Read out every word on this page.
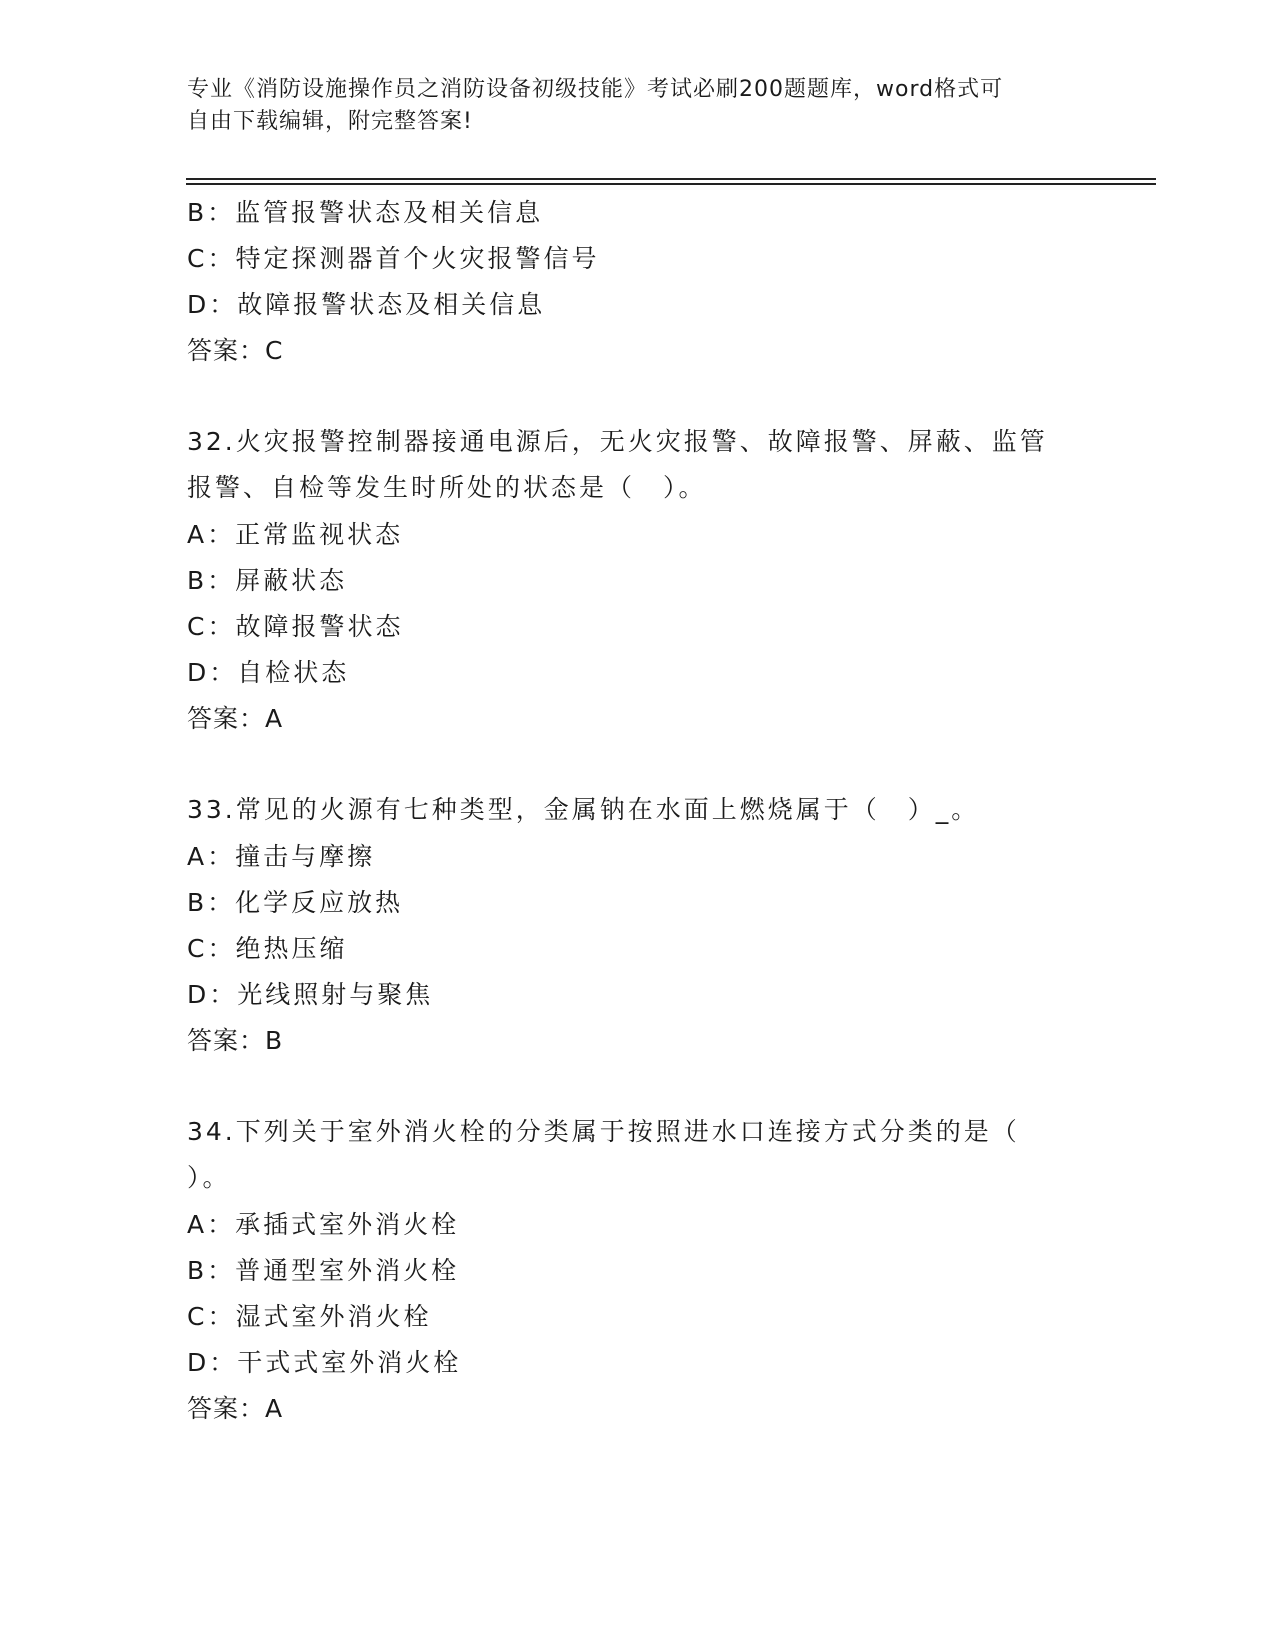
专业《消防设施操作员之消防设备初级技能》考试必刷200题题库，word格式可
自由下载编辑，附完整答案!
B：监管报警状态及相关信息
C：特定探测器首个火灾报警信号
D：故障报警状态及相关信息
答案：C
32.火灾报警控制器接通电源后，无火灾报警、故障报警、屏蔽、监管
报警、自检等发生时所处的状态是（　）。
A：正常监视状态
B：屏蔽状态
C：故障报警状态
D：自检状态
答案：A
33.常见的火源有七种类型，金属钠在水面上燃烧属于（　）_。
A：撞击与摩擦
B：化学反应放热
C：绝热压缩
D：光线照射与聚焦
答案：B
34.下列关于室外消火栓的分类属于按照进水口连接方式分类的是（
）。
A：承插式室外消火栓
B：普通型室外消火栓
C：湿式室外消火栓
D：干式式室外消火栓
答案：A
